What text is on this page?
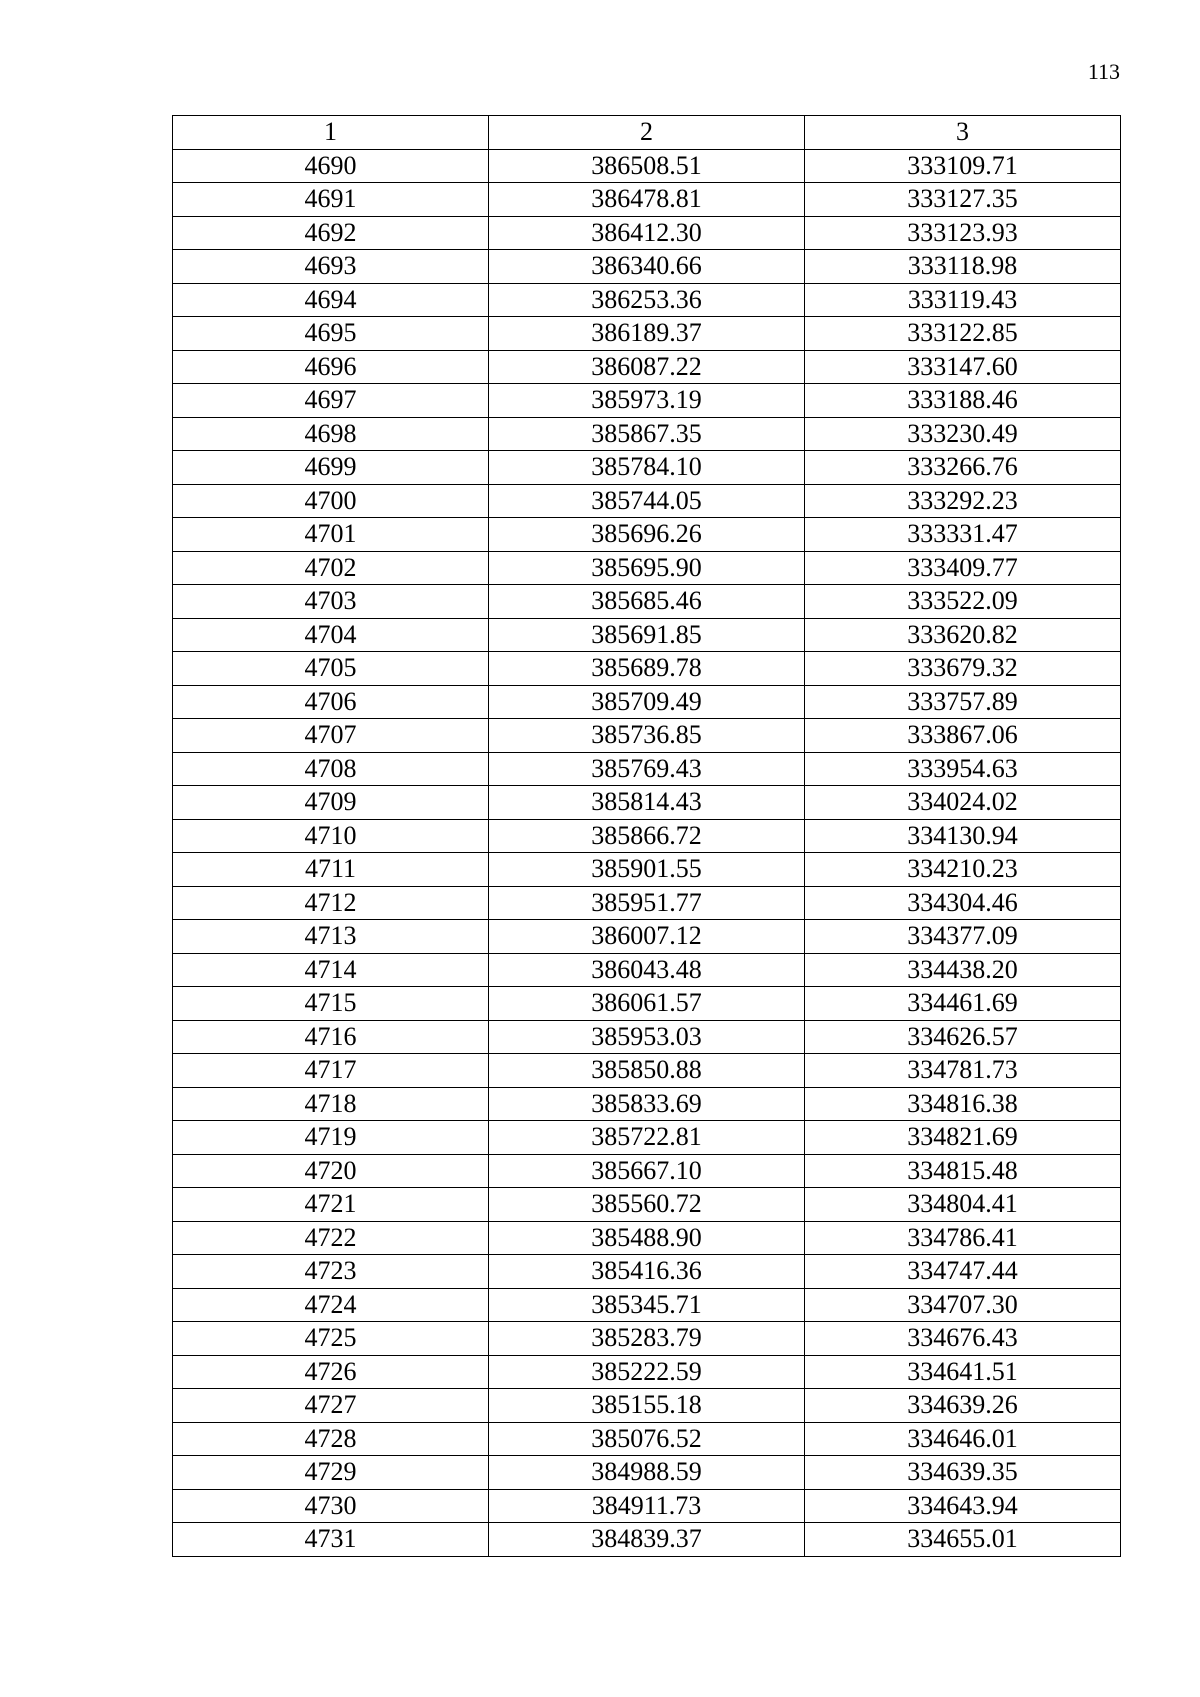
113
1	2	3
4690	386508.51	333109.71
4691	386478.81	333127.35
4692	386412.30	333123.93
4693	386340.66	333118.98
4694	386253.36	333119.43
4695	386189.37	333122.85
4696	386087.22	333147.60
4697	385973.19	333188.46
4698	385867.35	333230.49
4699	385784.10	333266.76
4700	385744.05	333292.23
4701	385696.26	333331.47
4702	385695.90	333409.77
4703	385685.46	333522.09
4704	385691.85	333620.82
4705	385689.78	333679.32
4706	385709.49	333757.89
4707	385736.85	333867.06
4708	385769.43	333954.63
4709	385814.43	334024.02
4710	385866.72	334130.94
4711	385901.55	334210.23
4712	385951.77	334304.46
4713	386007.12	334377.09
4714	386043.48	334438.20
4715	386061.57	334461.69
4716	385953.03	334626.57
4717	385850.88	334781.73
4718	385833.69	334816.38
4719	385722.81	334821.69
4720	385667.10	334815.48
4721	385560.72	334804.41
4722	385488.90	334786.41
4723	385416.36	334747.44
4724	385345.71	334707.30
4725	385283.79	334676.43
4726	385222.59	334641.51
4727	385155.18	334639.26
4728	385076.52	334646.01
4729	384988.59	334639.35
4730	384911.73	334643.94
4731	384839.37	334655.01
